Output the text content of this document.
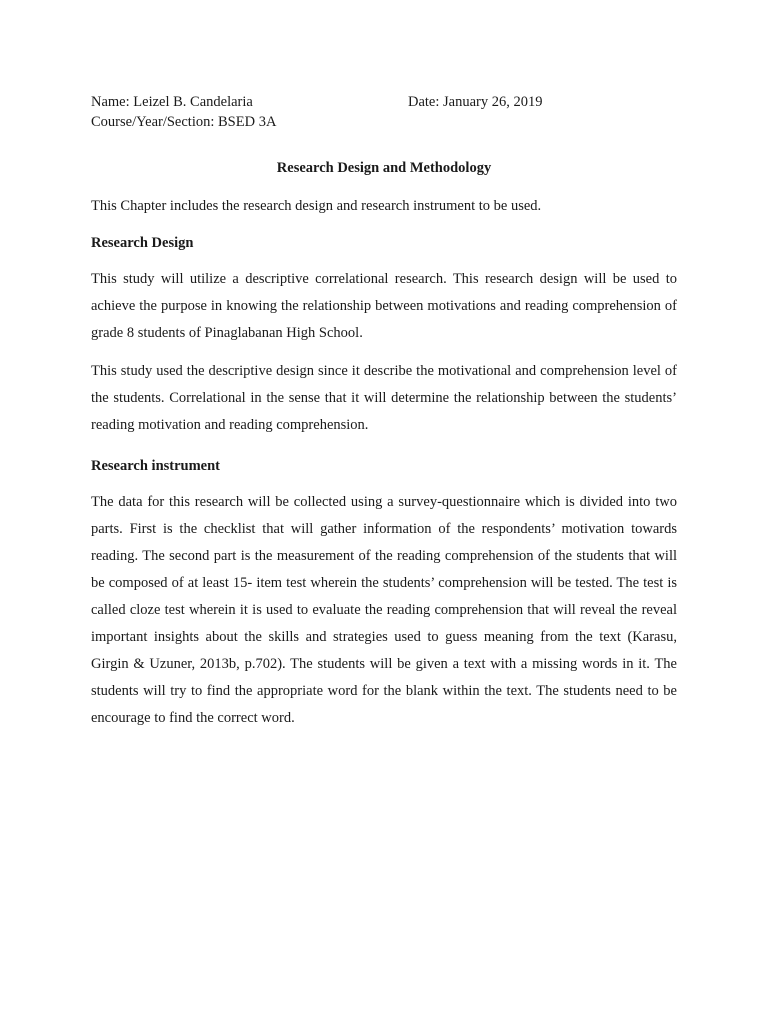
Name: Leizel B. Candelaria	Date: January 26, 2019
Course/Year/Section: BSED 3A
Research Design and Methodology

This Chapter includes the research design and research instrument to be used.

Research Design

This study will utilize a descriptive correlational research. This research design will be used to achieve the purpose in knowing the relationship between motivations and reading comprehension of grade 8 students of Pinaglabanan High School.

This study used the descriptive design since it describe the motivational and comprehension level of the students. Correlational in the sense that it will determine the relationship between the students’ reading motivation and reading comprehension.

Research instrument

The data for this research will be collected using a survey-questionnaire which is divided into two parts. First is the checklist that will gather information of the respondents’ motivation towards reading. The second part is the measurement of the reading comprehension of the students that will be composed of at least 15- item test wherein the students’ comprehension will be tested. The test is called cloze test wherein it is used to evaluate the reading comprehension that will reveal the reveal important insights about the skills and strategies used to guess meaning from the text (Karasu, Girgin & Uzuner, 2013b, p.702). The students will be given a text with a missing words in it. The students will try to find the appropriate word for the blank within the text. The students need to be encourage to find the correct word.
